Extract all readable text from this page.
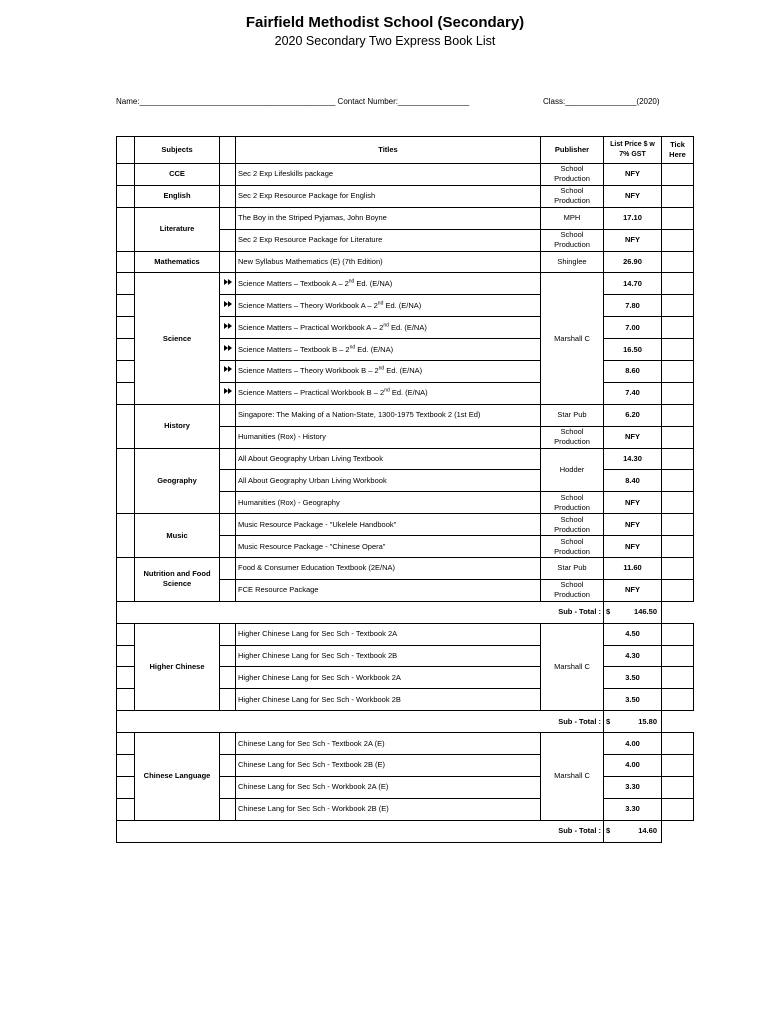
Fairfield Methodist School (Secondary)
2020 Secondary Two Express Book List
Name:____________________________________________ Contact Number:________________	Class:________________(2020)
	Subjects		Titles	Publisher	List Price $ w 7% GST	Tick Here
	CCE		Sec 2 Exp Lifeskills package	School Production	NFY	
	English		Sec 2 Exp Resource Package for English	School Production	NFY	
	Literature		The Boy in the Striped Pyjamas, John Boyne	MPH	17.10	
			Sec 2 Exp Resource Package for Literature	School Production	NFY	
	Mathematics		New Syllabus Mathematics (E) (7th Edition)	Shinglee	26.90	
	Science		Science Matters – Textbook A – 2nd Ed. (E/NA)	Marshall C	14.70	
			Science Matters – Theory Workbook A – 2nd Ed. (E/NA)		7.80	
			Science Matters – Practical Workbook A – 2nd Ed. (E/NA)		7.00	
			Science Matters – Textbook B – 2nd Ed. (E/NA)		16.50	
			Science Matters – Theory Workbook B – 2nd Ed. (E/NA)		8.60	
			Science Matters – Practical Workbook B – 2nd Ed. (E/NA)		7.40	
	History		Singapore: The Making of a Nation-State, 1300-1975 Textbook 2 (1st Ed)	Star Pub	6.20	
			Humanities (Rox) - History	School Production	NFY	
	Geography		All About Geography Urban Living Textbook	Hodder	14.30	
			All About Geography Urban Living Workbook		8.40	
			Humanities (Rox) - Geography	School Production	NFY	
	Music		Music Resource Package - "Ukelele Handbook"	School Production	NFY	
			Music Resource Package - "Chinese Opera"	School Production	NFY	
	Nutrition and Food Science		Food & Consumer Education Textbook (2E/NA)	Star Pub	11.60	
			FCE Resource Package	School Production	NFY	
Sub - Total :					$ 146.50	

	Higher Chinese		Higher Chinese Lang for Sec Sch - Textbook 2A	Marshall C	4.50	
			Higher Chinese Lang for Sec Sch - Textbook 2B		4.30	
			Higher Chinese Lang for Sec Sch - Workbook 2A		3.50	
			Higher Chinese Lang for Sec Sch - Workbook 2B		3.50	
Sub - Total :					$ 15.80	

	Chinese Language		Chinese Lang for Sec Sch - Textbook 2A (E)	Marshall C	4.00	
			Chinese Lang for Sec Sch - Textbook 2B (E)		4.00	
			Chinese Lang for Sec Sch - Workbook 2A (E)		3.30	
			Chinese Lang for Sec Sch - Workbook 2B (E)		3.30	
Sub - Total :					$ 14.60	
